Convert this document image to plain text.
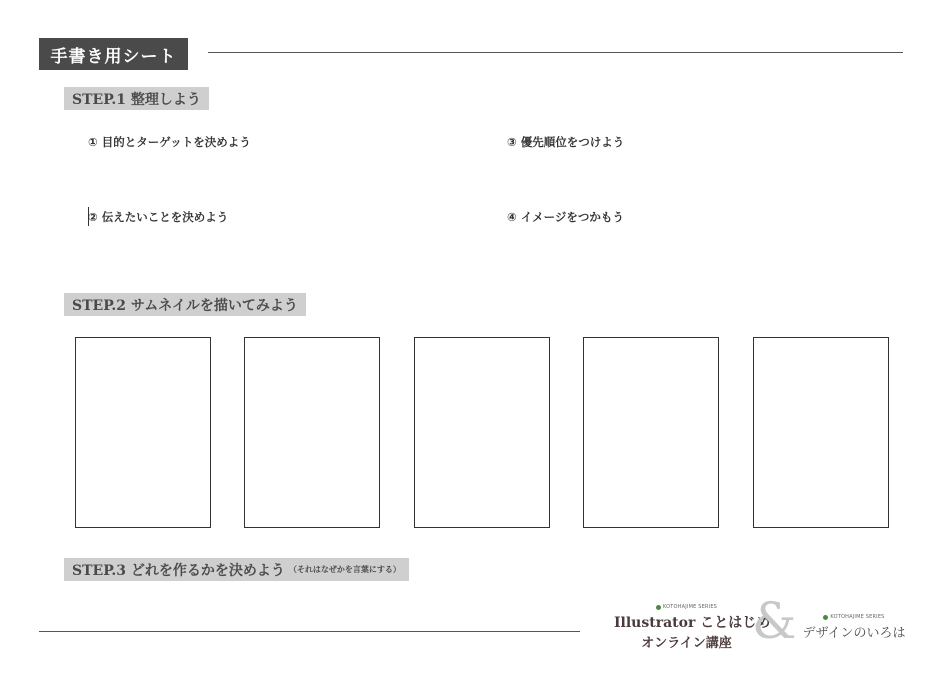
手書き用シート
STEP.1 整理しよう
① 目的とターゲットを決めよう
② 伝えたいことを決めよう
③ 優先順位をつけよう
④ イメージをつかもう
STEP.2 サムネイルを描いてみよう
STEP.3 どれを作るかを決めよう （それはなぜかを言葉にする）
KOTOHAJIME SERIES
Illustrator ことはじめ
オンライン講座 &	KOTOHAJIME SERIES
デザインのいろは
